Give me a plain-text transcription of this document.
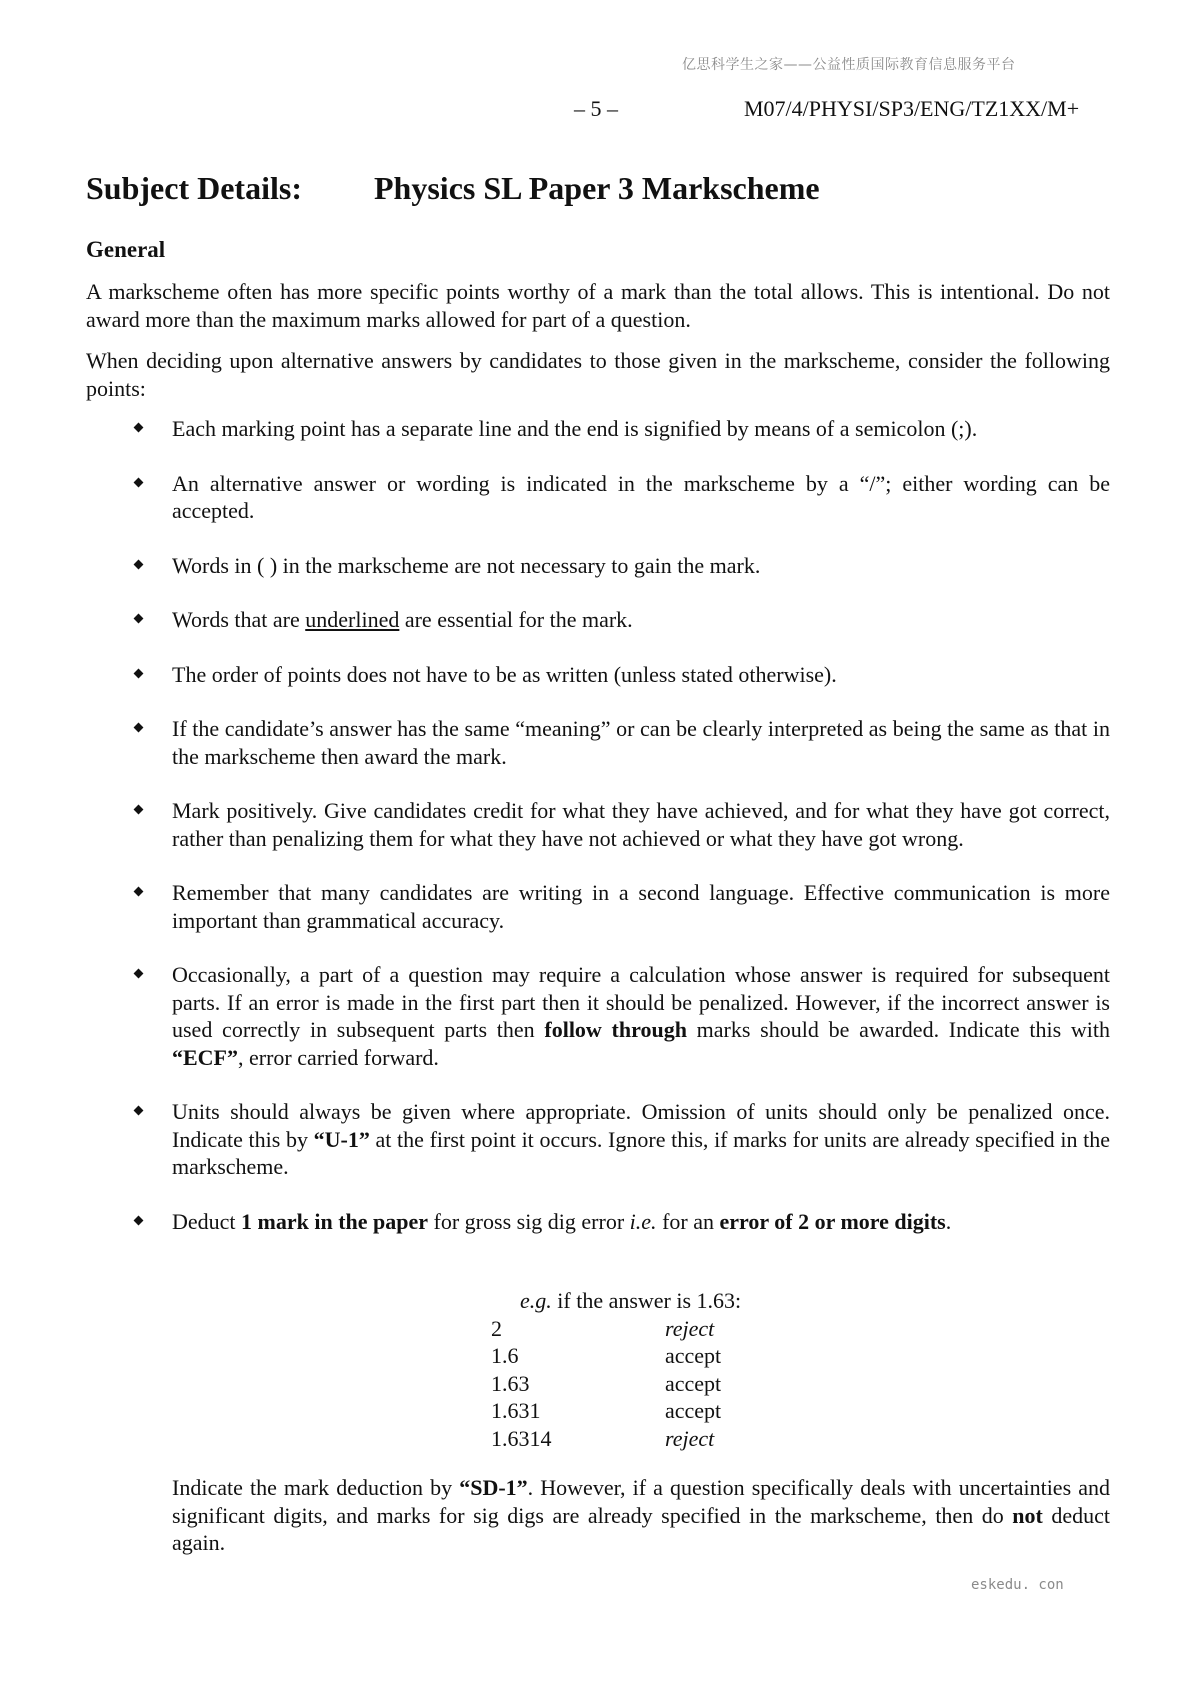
亿思科学生之家——公益性质国际教育信息服务平台
– 5 –	M07/4/PHYSI/SP3/ENG/TZ1XX/M+
Subject Details: Physics SL Paper 3 Markscheme
General
A markscheme often has more specific points worthy of a mark than the total allows. This is intentional. Do not award more than the maximum marks allowed for part of a question.
When deciding upon alternative answers by candidates to those given in the markscheme, consider the following points:
Each marking point has a separate line and the end is signified by means of a semicolon (;).
An alternative answer or wording is indicated in the markscheme by a “/”; either wording can be accepted.
Words in ( ) in the markscheme are not necessary to gain the mark.
Words that are underlined are essential for the mark.
The order of points does not have to be as written (unless stated otherwise).
If the candidate’s answer has the same “meaning” or can be clearly interpreted as being the same as that in the markscheme then award the mark.
Mark positively. Give candidates credit for what they have achieved, and for what they have got correct, rather than penalizing them for what they have not achieved or what they have got wrong.
Remember that many candidates are writing in a second language. Effective communication is more important than grammatical accuracy.
Occasionally, a part of a question may require a calculation whose answer is required for subsequent parts. If an error is made in the first part then it should be penalized. However, if the incorrect answer is used correctly in subsequent parts then follow through marks should be awarded. Indicate this with “ECF”, error carried forward.
Units should always be given where appropriate. Omission of units should only be penalized once. Indicate this by “U-1” at the first point it occurs. Ignore this, if marks for units are already specified in the markscheme.
Deduct 1 mark in the paper for gross sig dig error i.e. for an error of 2 or more digits.
e.g. if the answer is 1.63:
2	reject
1.6	accept
1.63	accept
1.631	accept
1.6314	reject
Indicate the mark deduction by “SD-1”. However, if a question specifically deals with uncertainties and significant digits, and marks for sig digs are already specified in the markscheme, then do not deduct again.
eskedu. con
